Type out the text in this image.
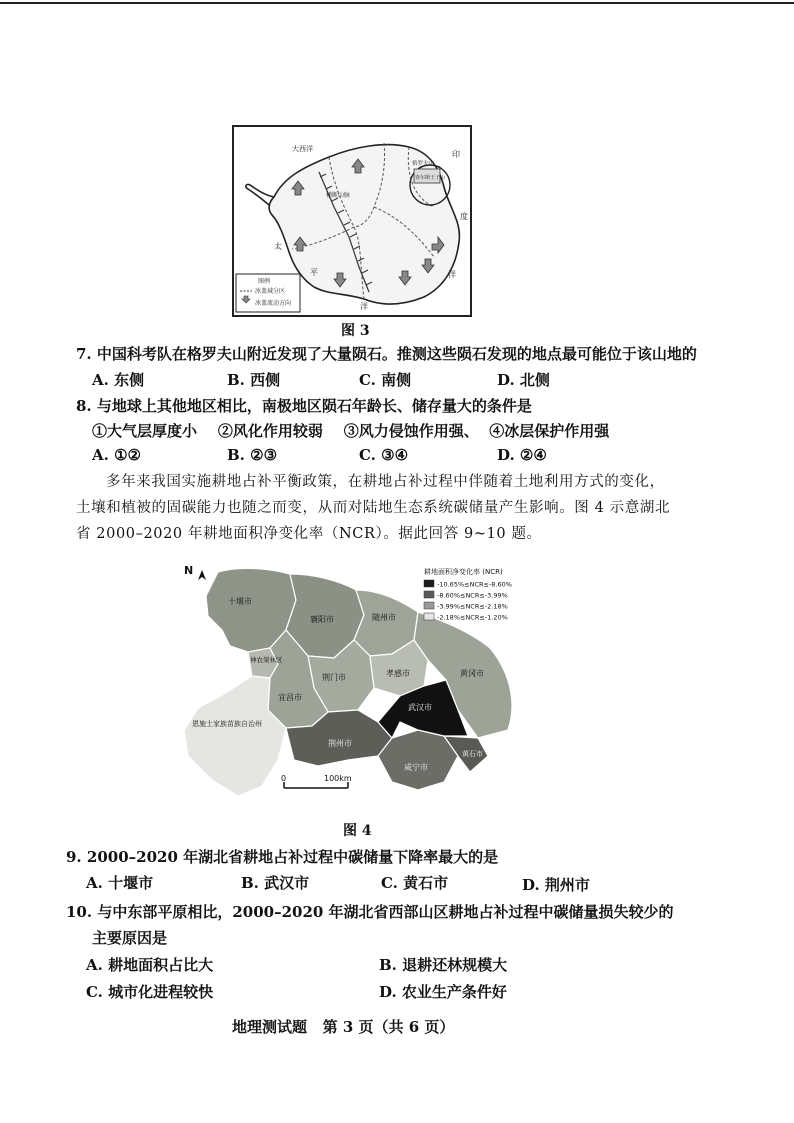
大西洋
印
度
洋
太
平
洋
格罗夫山
查尔斯王子山
横断山脉
图例
冰盖域分区
冰盖流动方向
图 3
7. 中国科考队在格罗夫山附近发现了大量陨石。推测这些陨石发现的地点最可能位于该山地的
A. 东侧	B. 西侧	C. 南侧	D. 北侧
8. 与地球上其他地区相比，南极地区陨石年龄长、储存量大的条件是
①大气层厚度小    ②风化作用较弱    ③风力侵蚀作用强、  ④冰层保护作用强
A. ①②	B. ②③	C. ③④	D. ②④
多年来我国实施耕地占补平衡政策，在耕地占补过程中伴随着土地利用方式的变化，
土壤和植被的固碳能力也随之而变，从而对陆地生态系统碳储量产生影响。图 4 示意湖北
省 2000–2020 年耕地面积净变化率（NCR）。据此回答 9~10 题。
N
十堰市
襄阳市	随州市
神农架林区
荆门市	孝感市	黄冈市
宜昌市
恩施土家族苗族自治州
荆州市
武汉市
黄石市
咸宁市
0	100km
耕地面积净变化率 (NCR)
-10.65%≤NCR≤-8.60%
-8.60%≤NCR≤-3.99%
-3.99%≤NCR≤-2.18%
-2.18%≤NCR≤-1.20%
图 4
9. 2000–2020 年湖北省耕地占补过程中碳储量下降率最大的是
A. 十堰市	B. 武汉市	C. 黄石市	D. 荆州市
10. 与中东部平原相比，2000–2020 年湖北省西部山区耕地占补过程中碳储量损失较少的
主要原因是
A. 耕地面积占比大	B. 退耕还林规模大
C. 城市化进程较快	D. 农业生产条件好
地理测试题   第 3 页（共 6 页）
